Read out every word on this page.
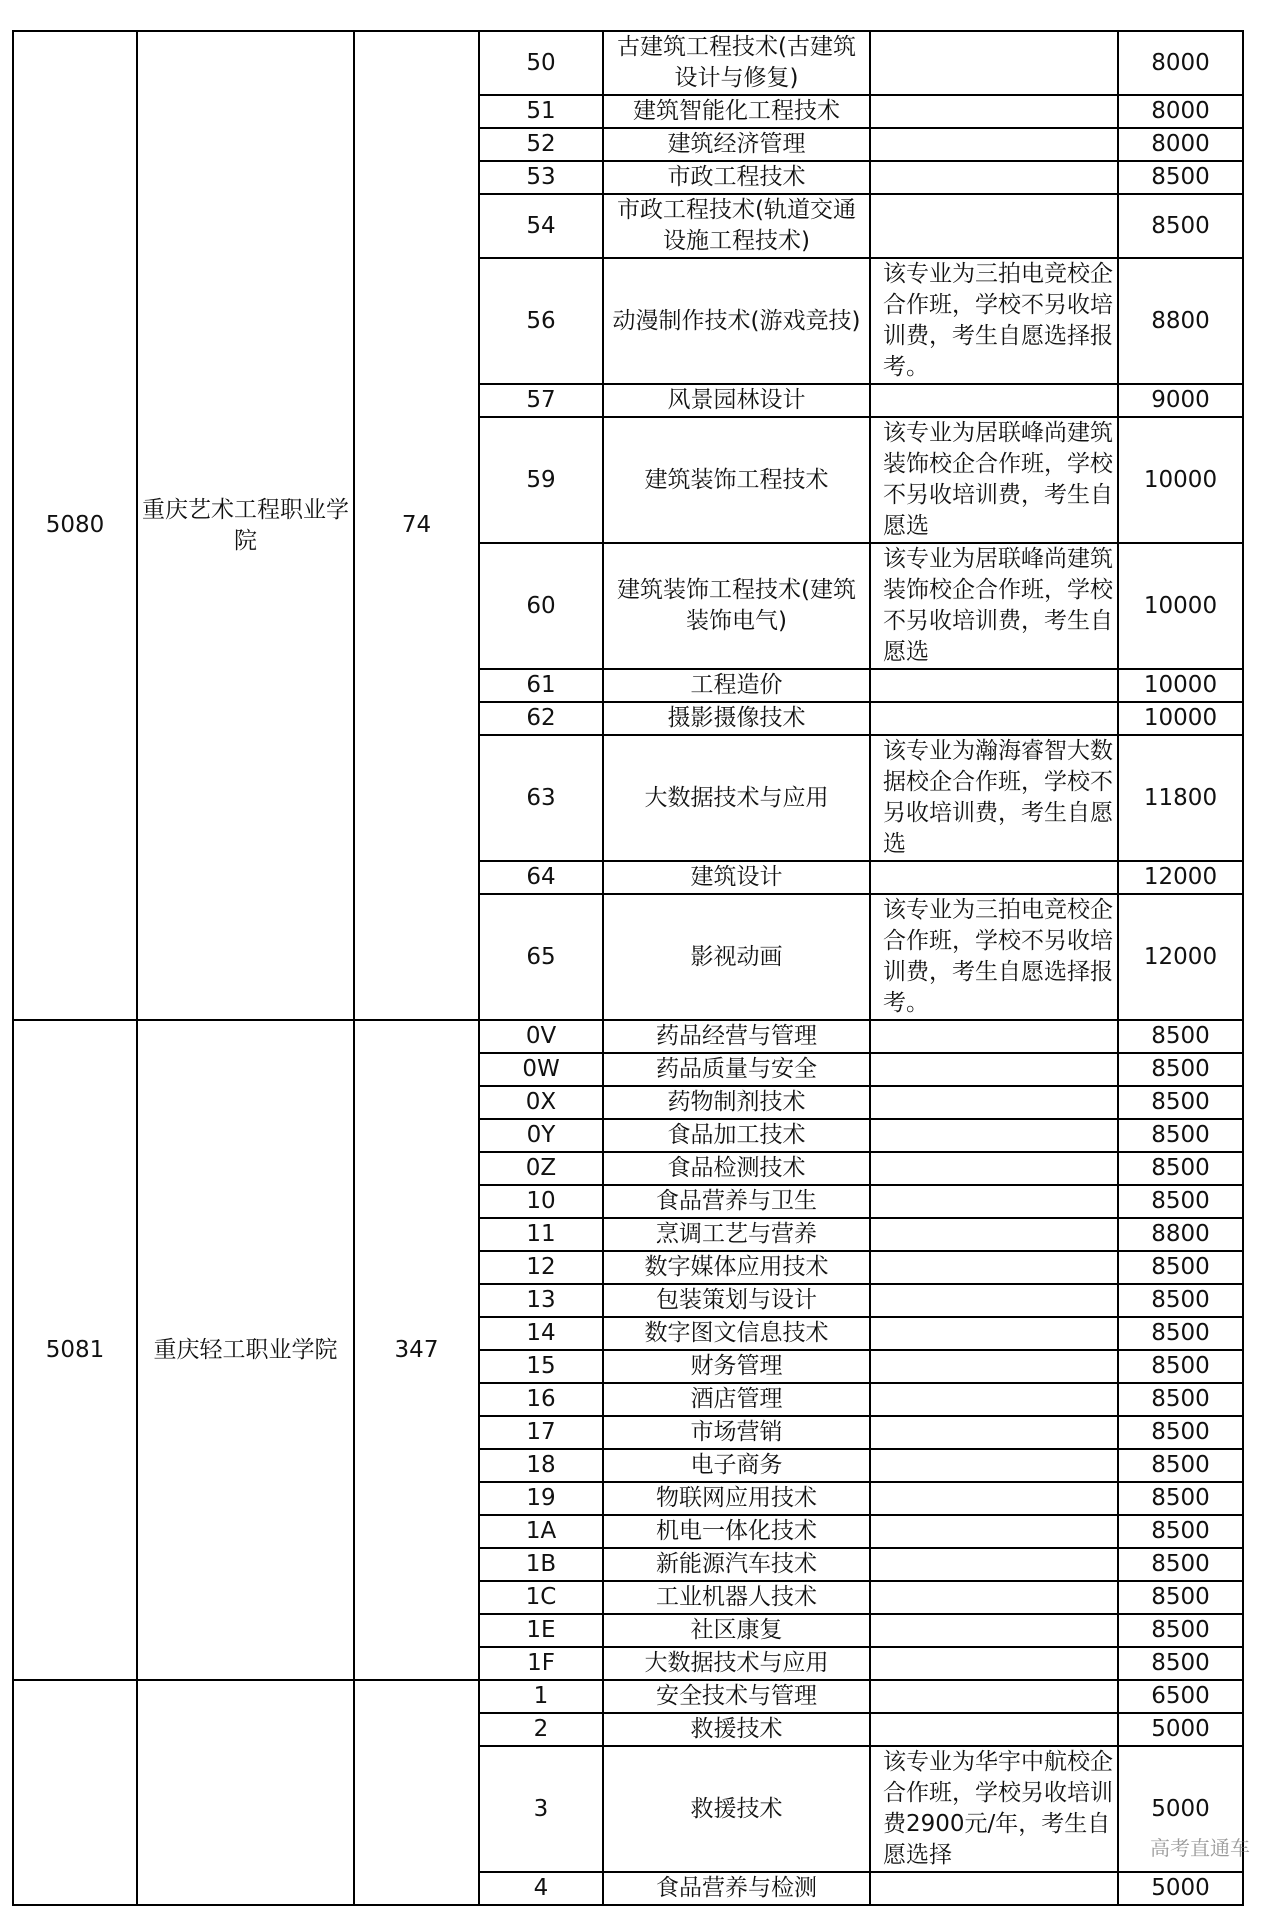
5080	重庆艺术工程职业学院	74	50	古建筑工程技术(古建筑设计与修复)		8000
			51	建筑智能化工程技术		8000
			52	建筑经济管理		8000
			53	市政工程技术		8500
			54	市政工程技术(轨道交通设施工程技术)		8500
			56	动漫制作技术(游戏竞技)	该专业为三拍电竞校企合作班，学校不另收培训费，考生自愿选择报考。	8800
			57	风景园林设计		9000
			59	建筑装饰工程技术	该专业为居联峰尚建筑装饰校企合作班，学校不另收培训费，考生自愿选	10000
			60	建筑装饰工程技术(建筑装饰电气)	该专业为居联峰尚建筑装饰校企合作班，学校不另收培训费，考生自愿选	10000
			61	工程造价		10000
			62	摄影摄像技术		10000
			63	大数据技术与应用	该专业为瀚海睿智大数据校企合作班，学校不另收培训费，考生自愿选	11800
			64	建筑设计		12000
			65	影视动画	该专业为三拍电竞校企合作班，学校不另收培训费，考生自愿选择报考。	12000
5081	重庆轻工职业学院	347	0V	药品经营与管理		8500
			0W	药品质量与安全		8500
			0X	药物制剂技术		8500
			0Y	食品加工技术		8500
			0Z	食品检测技术		8500
			10	食品营养与卫生		8500
			11	烹调工艺与营养		8800
			12	数字媒体应用技术		8500
			13	包装策划与设计		8500
			14	数字图文信息技术		8500
			15	财务管理		8500
			16	酒店管理		8500
			17	市场营销		8500
			18	电子商务		8500
			19	物联网应用技术		8500
			1A	机电一体化技术		8500
			1B	新能源汽车技术		8500
			1C	工业机器人技术		8500
			1E	社区康复		8500
			1F	大数据技术与应用		8500
			1	安全技术与管理		6500
			2	救援技术		5000
			3	救援技术	该专业为华宇中航校企合作班，学校另收培训费2900元/年，考生自愿选择	5000
			4	食品营养与检测		5000
高考直通车
